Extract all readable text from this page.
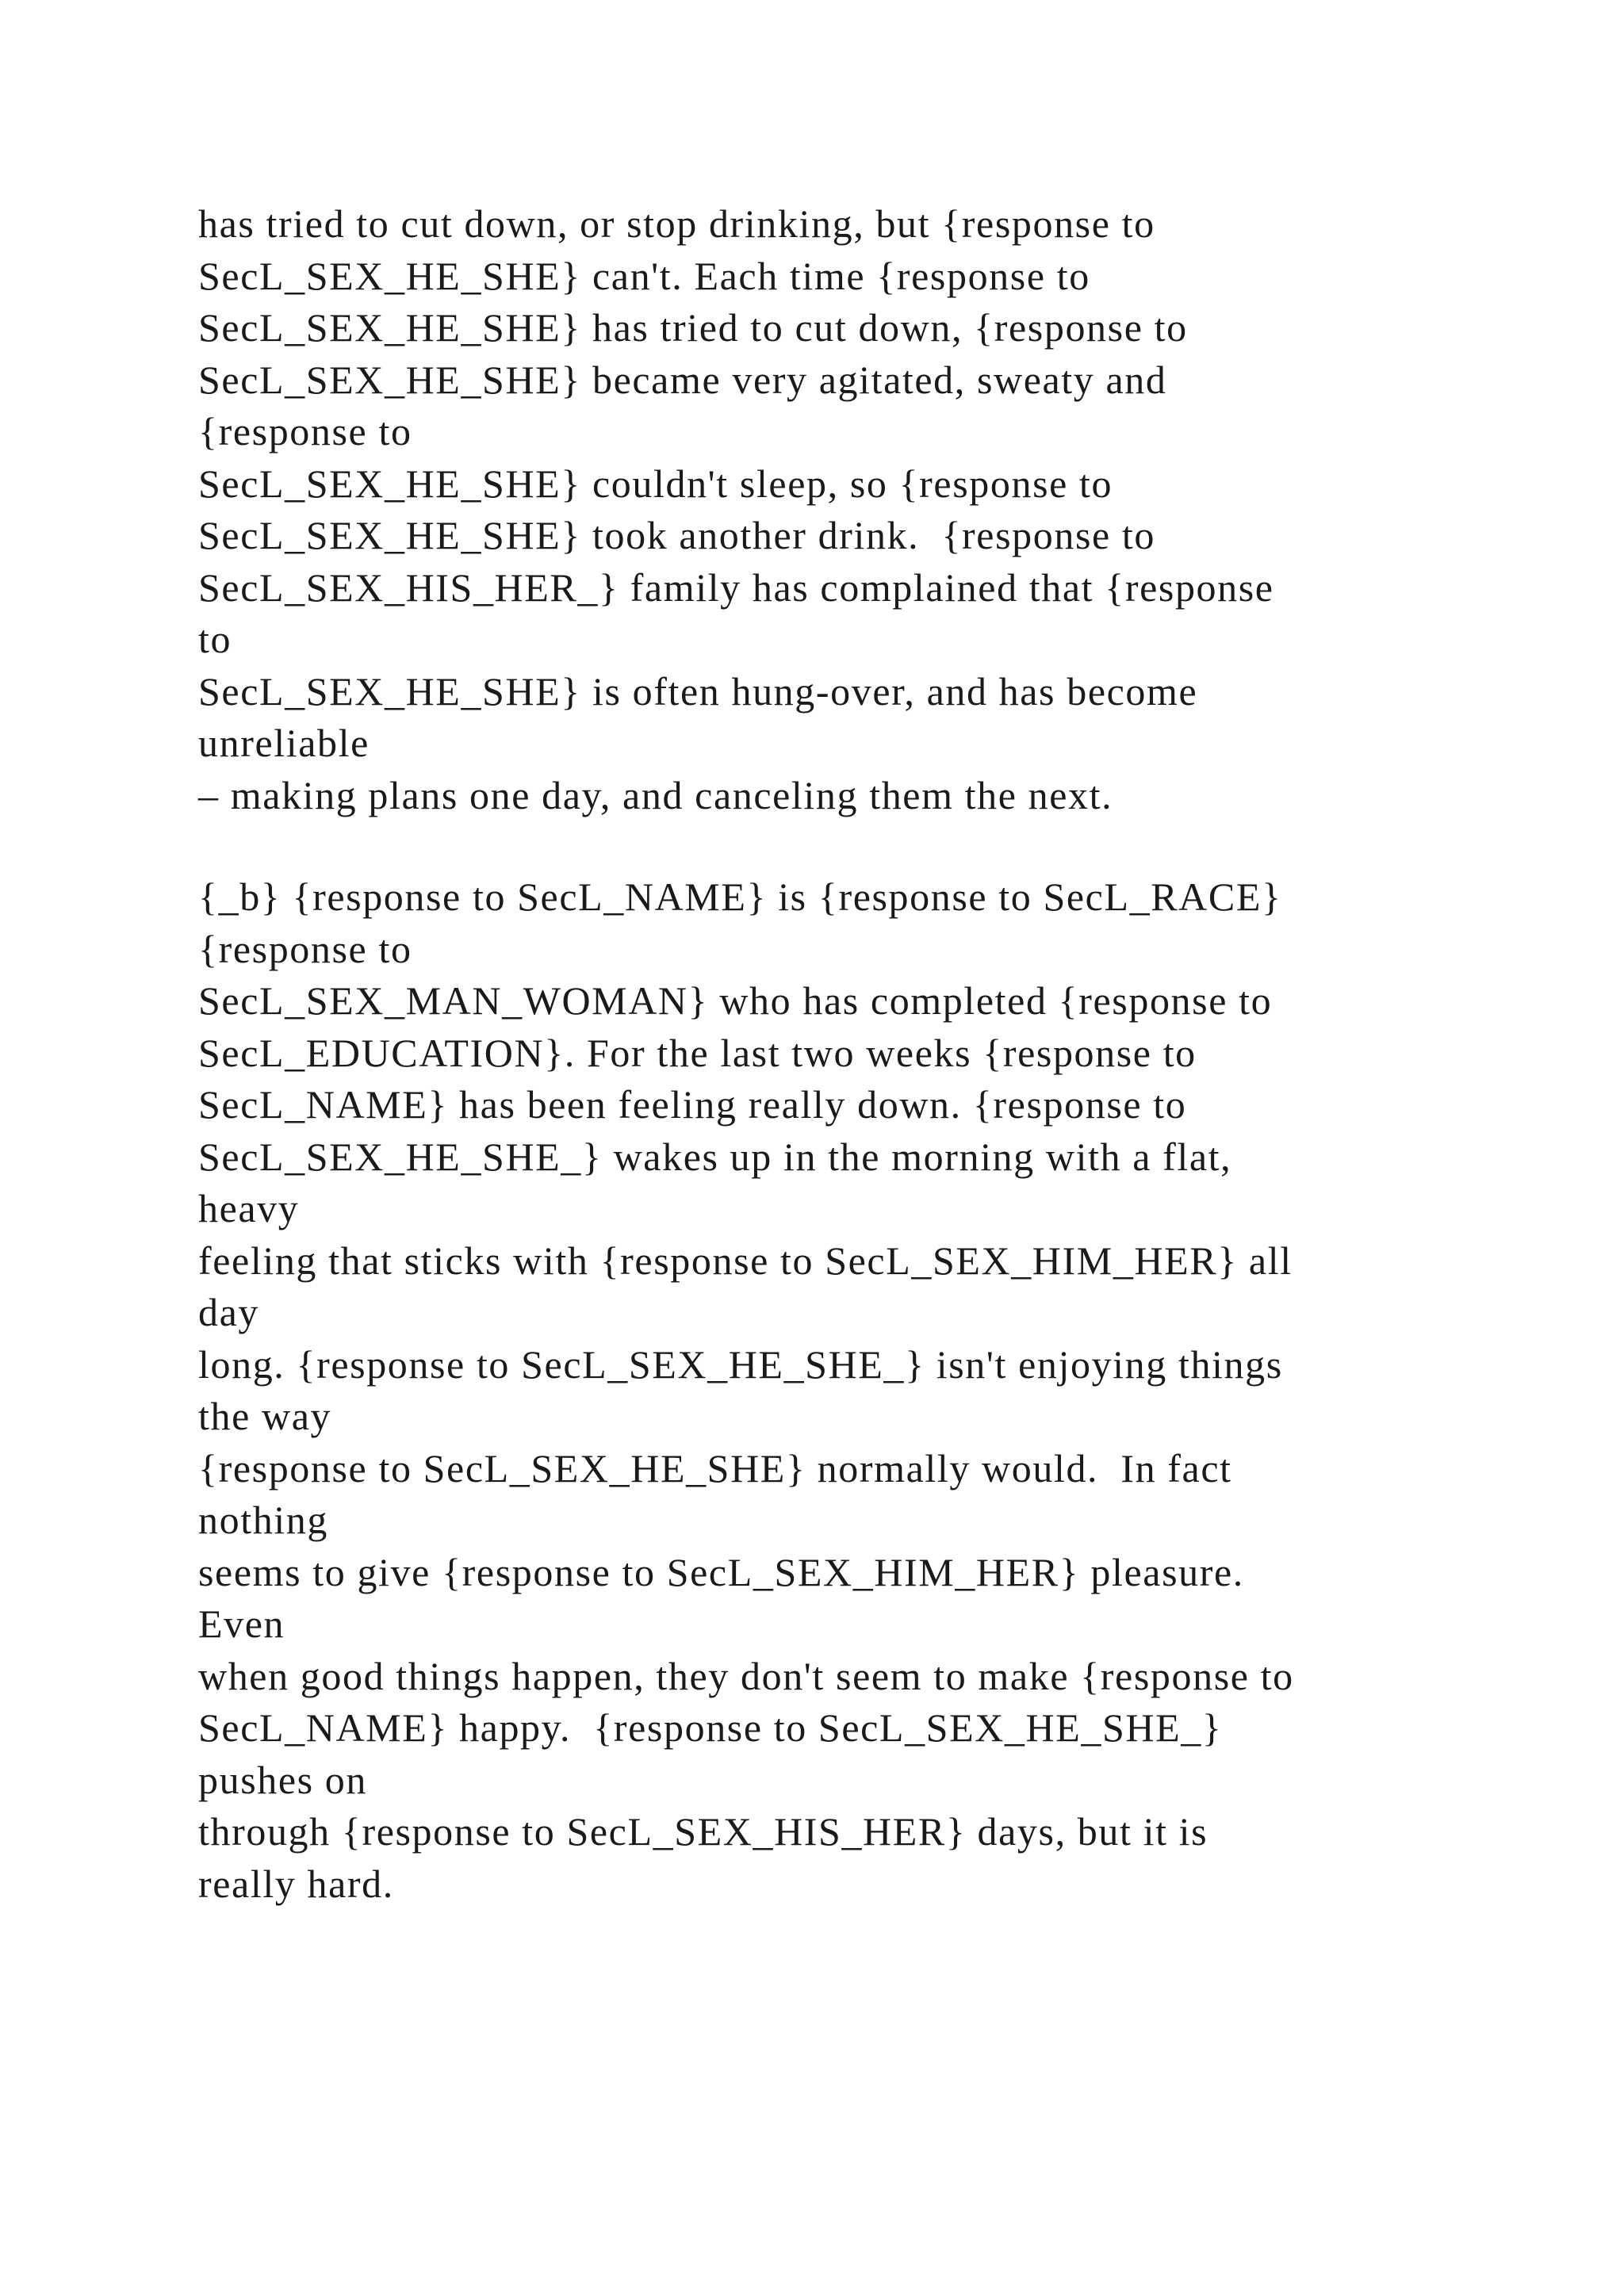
has tried to cut down, or stop drinking, but {response to
SecL_SEX_HE_SHE} can't. Each time {response to
SecL_SEX_HE_SHE} has tried to cut down, {response to
SecL_SEX_HE_SHE} became very agitated, sweaty and
{response to
SecL_SEX_HE_SHE} couldn't sleep, so {response to
SecL_SEX_HE_SHE} took another drink.  {response to
SecL_SEX_HIS_HER_} family has complained that {response
to
SecL_SEX_HE_SHE} is often hung-over, and has become
unreliable
– making plans one day, and canceling them the next.
{_b} {response to SecL_NAME} is {response to SecL_RACE}
{response to
SecL_SEX_MAN_WOMAN} who has completed {response to
SecL_EDUCATION}. For the last two weeks {response to
SecL_NAME} has been feeling really down. {response to
SecL_SEX_HE_SHE_} wakes up in the morning with a flat,
heavy
feeling that sticks with {response to SecL_SEX_HIM_HER} all
day
long. {response to SecL_SEX_HE_SHE_} isn't enjoying things
the way
{response to SecL_SEX_HE_SHE} normally would.  In fact
nothing
seems to give {response to SecL_SEX_HIM_HER} pleasure.
Even
when good things happen, they don't seem to make {response to
SecL_NAME} happy.  {response to SecL_SEX_HE_SHE_}
pushes on
through {response to SecL_SEX_HIS_HER} days, but it is
really hard.
